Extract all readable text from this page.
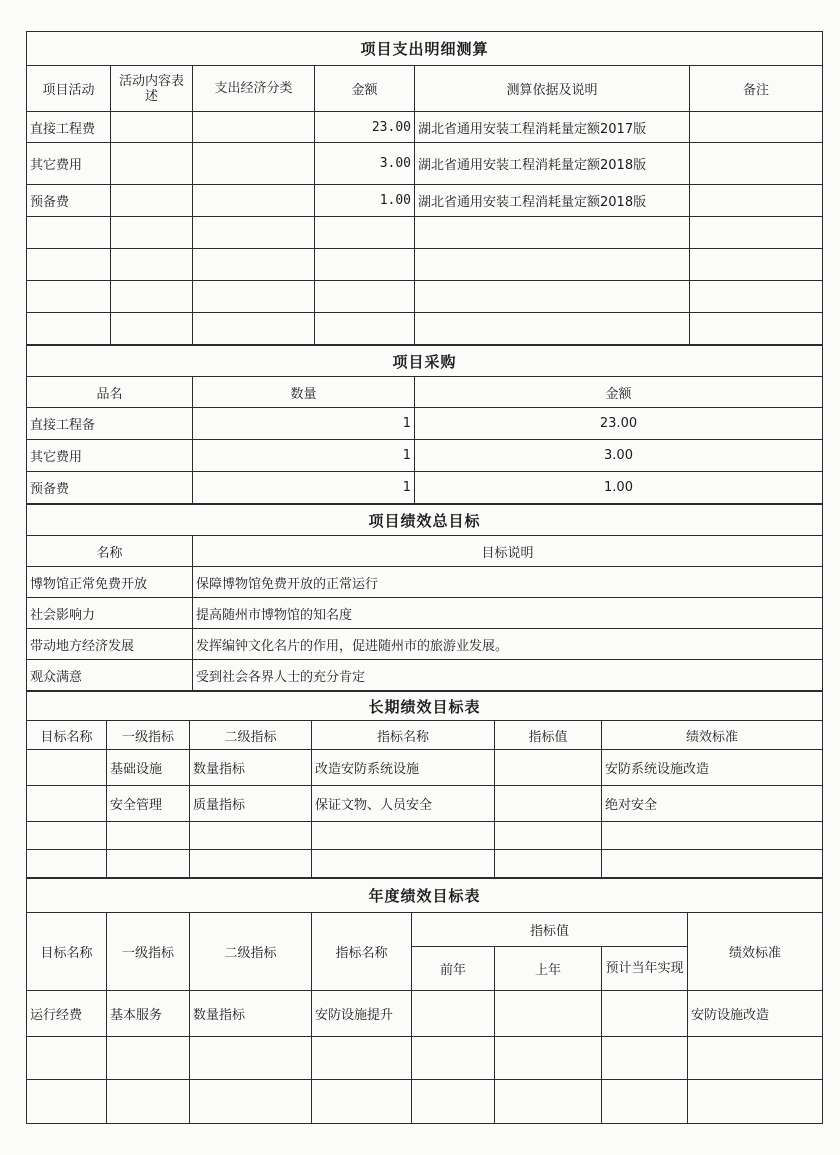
项目支出明细测算					
项目活动	活动内容表述	支出经济分类	金额	测算依据及说明	备注
直接工程费			23.00	湖北省通用安装工程消耗量定额2017版	
其它费用			3.00	湖北省通用安装工程消耗量定额2018版	
预备费			1.00	湖北省通用安装工程消耗量定额2018版	

项目采购		
品名	数量	金额
直接工程备	1	23.00
其它费用	1	3.00
预备费	1	1.00
项目绩效总目标	
名称	目标说明
博物馆正常免费开放	保障博物馆免费开放的正常运行
社会影响力	提高随州市博物馆的知名度
带动地方经济发展	发挥编钟文化名片的作用，促进随州市的旅游业发展。
观众满意	受到社会各界人士的充分肯定
长期绩效目标表					
目标名称	一级指标	二级指标	指标名称	指标值	绩效标准
	基础设施	数量指标	改造安防系统设施		安防系统设施改造
	安全管理	质量指标	保证文物、人员安全		绝对安全

年度绩效目标表							
目标名称	一级指标	二级指标	指标名称	指标值			绩效标准
				前年	上年	预计当年实现	
运行经费	基本服务	数量指标	安防设施提升				安防设施改造
